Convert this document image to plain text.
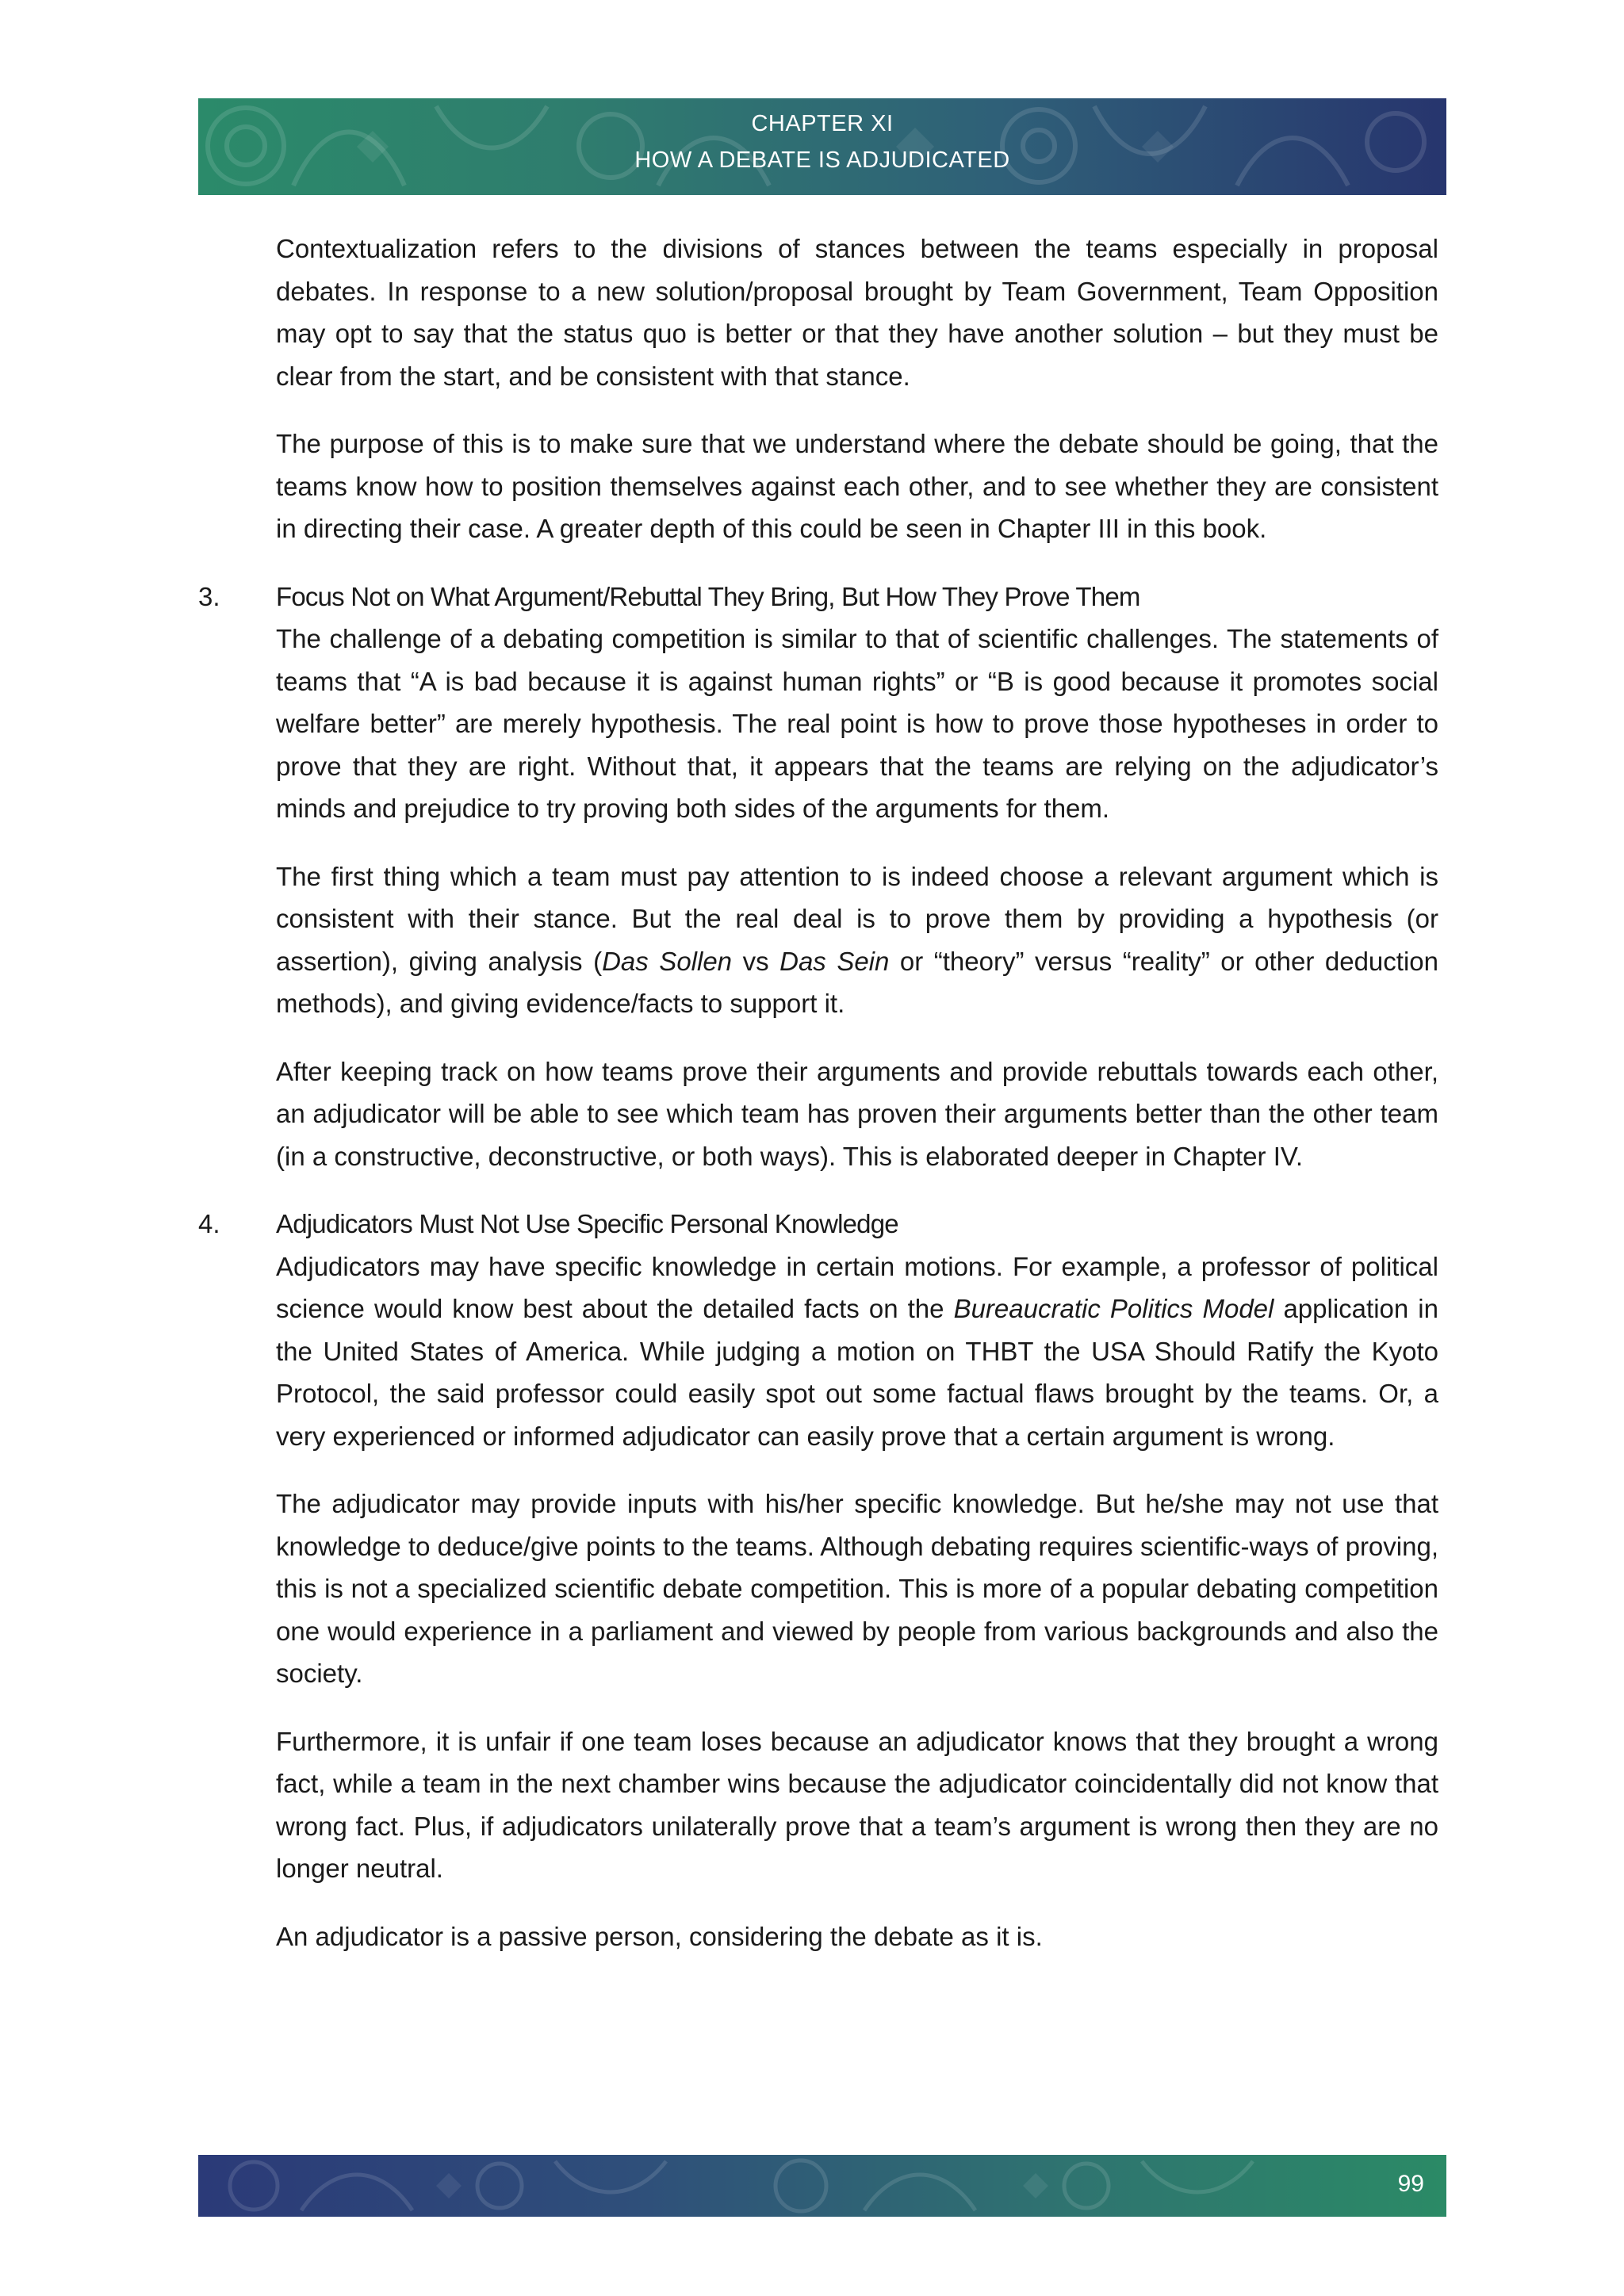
CHAPTER XI
HOW A DEBATE IS ADJUDICATED

Contextualization refers to the divisions of stances between the teams especially in proposal debates. In response to a new solution/proposal brought by Team Government, Team Opposition may opt to say that the status quo is better or that they have another solution – but they must be clear from the start, and be consistent with that stance.

The purpose of this is to make sure that we understand where the debate should be going, that the teams know how to position themselves against each other, and to see whether they are consistent in directing their case. A greater depth of this could be seen in Chapter III in this book.

3. Focus Not on What Argument/Rebuttal They Bring, But How They Prove Them

The challenge of a debating competition is similar to that of scientific challenges. The statements of teams that “A is bad because it is against human rights” or “B is good because it promotes social welfare better” are merely hypothesis. The real point is how to prove those hypotheses in order to prove that they are right. Without that, it appears that the teams are relying on the adjudicator’s minds and prejudice to try proving both sides of the arguments for them.

The first thing which a team must pay attention to is indeed choose a relevant argument which is consistent with their stance. But the real deal is to prove them by providing a hypothesis (or assertion), giving analysis (Das Sollen vs Das Sein or “theory” versus “reality” or other deduction methods), and giving evidence/facts to support it.

After keeping track on how teams prove their arguments and provide rebuttals towards each other, an adjudicator will be able to see which team has proven their arguments better than the other team (in a constructive, deconstructive, or both ways). This is elaborated deeper in Chapter IV.

4. Adjudicators Must Not Use Specific Personal Knowledge

Adjudicators may have specific knowledge in certain motions. For example, a professor of political science would know best about the detailed facts on the Bureaucratic Politics Model application in the United States of America. While judging a motion on THBT the USA Should Ratify the Kyoto Protocol, the said professor could easily spot out some factual flaws brought by the teams. Or, a very experienced or informed adjudicator can easily prove that a certain argument is wrong.

The adjudicator may provide inputs with his/her specific knowledge. But he/she may not use that knowledge to deduce/give points to the teams. Although debating requires scientific-ways of proving, this is not a specialized scientific debate competition. This is more of a popular debating competition one would experience in a parliament and viewed by people from various backgrounds and also the society.

Furthermore, it is unfair if one team loses because an adjudicator knows that they brought a wrong fact, while a team in the next chamber wins because the adjudicator coincidentally did not know that wrong fact. Plus, if adjudicators unilaterally prove that a team’s argument is wrong then they are no longer neutral.

An adjudicator is a passive person, considering the debate as it is.

99
